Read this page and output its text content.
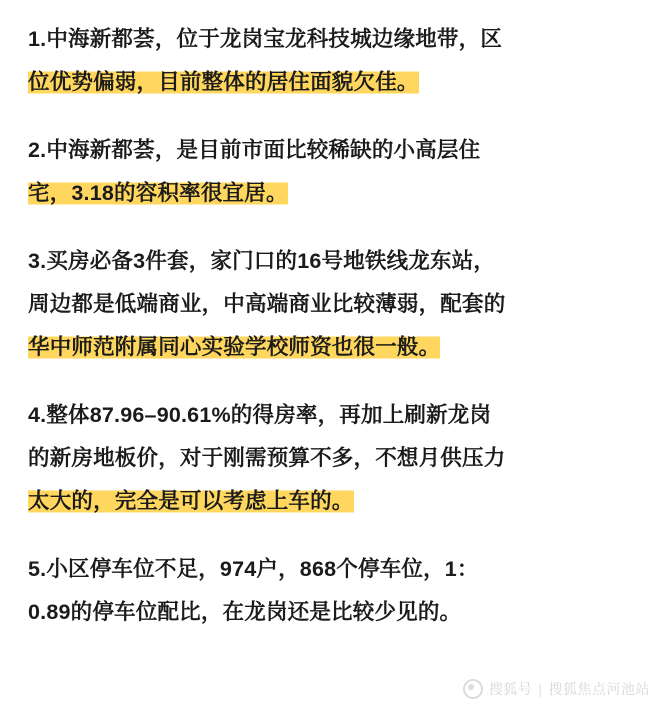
1.中海新都荟，位于龙岗宝龙科技城边缘地带，区
位优势偏弱，目前整体的居住面貌欠佳。

2.中海新都荟，是目前市面比较稀缺的小高层住
宅，3.18的容积率很宜居。

3.买房必备3件套，家门口的16号地铁线龙东站，
周边都是低端商业，中高端商业比较薄弱，配套的
华中师范附属同心实验学校师资也很一般。

4.整体87.96–90.61%的得房率，再加上刷新龙岗
的新房地板价，对于刚需预算不多，不想月供压力
太大的，完全是可以考虑上车的。

5.小区停车位不足，974户，868个停车位，1：
0.89的停车位配比，在龙岗还是比较少见的。

搜狐号 | 搜狐焦点河池站
